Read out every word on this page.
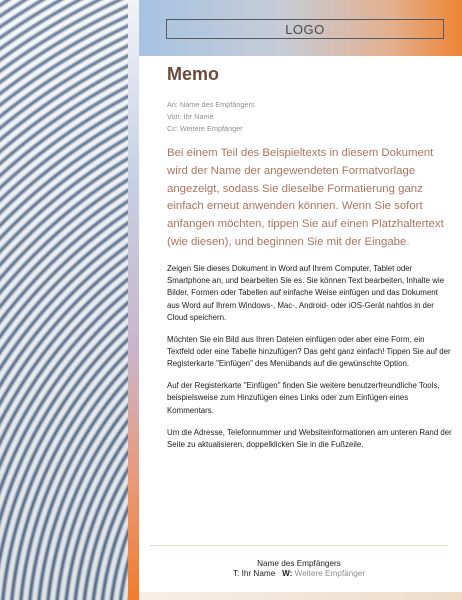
LOGO
Memo
An: Name des Empfängers
Von: Ihr Name
Cc: Weitere Empfänger
Bei einem Teil des Beispieltexts in diesem Dokument wird der Name der angewendeten Formatvorlage angezeigt, sodass Sie dieselbe Formatierung ganz einfach erneut anwenden können. Wenn Sie sofort anfangen möchten, tippen Sie auf einen Platzhaltertext (wie diesen), und beginnen Sie mit der Eingabe.

Zeigen Sie dieses Dokument in Word auf Ihrem Computer, Tablet oder Smartphone an, und bearbeiten Sie es. Sie können Text bearbeiten, Inhalte wie Bilder, Formen oder Tabellen auf einfache Weise einfügen und das Dokument aus Word auf Ihrem Windows-, Mac-, Android- oder iOS-Gerät nahtlos in der Cloud speichern.

Möchten Sie ein Bild aus Ihren Dateien einfügen oder aber eine Form, ein Textfeld oder eine Tabelle hinzufügen? Das geht ganz einfach! Tippen Sie auf der Registerkarte "Einfügen" des Menübands auf die gewünschte Option.

Auf der Registerkarte "Einfügen" finden Sie weitere benutzerfreundliche Tools, beispielsweise zum Hinzufügen eines Links oder zum Einfügen eines Kommentars.

Um die Adresse, Telefonnummer und Websiteinformationen am unteren Rand der Seite zu aktualisieren, doppelklicken Sie in die Fußzeile.

Name des Empfängers
T: Ihr Name W: Weitere Empfänger
